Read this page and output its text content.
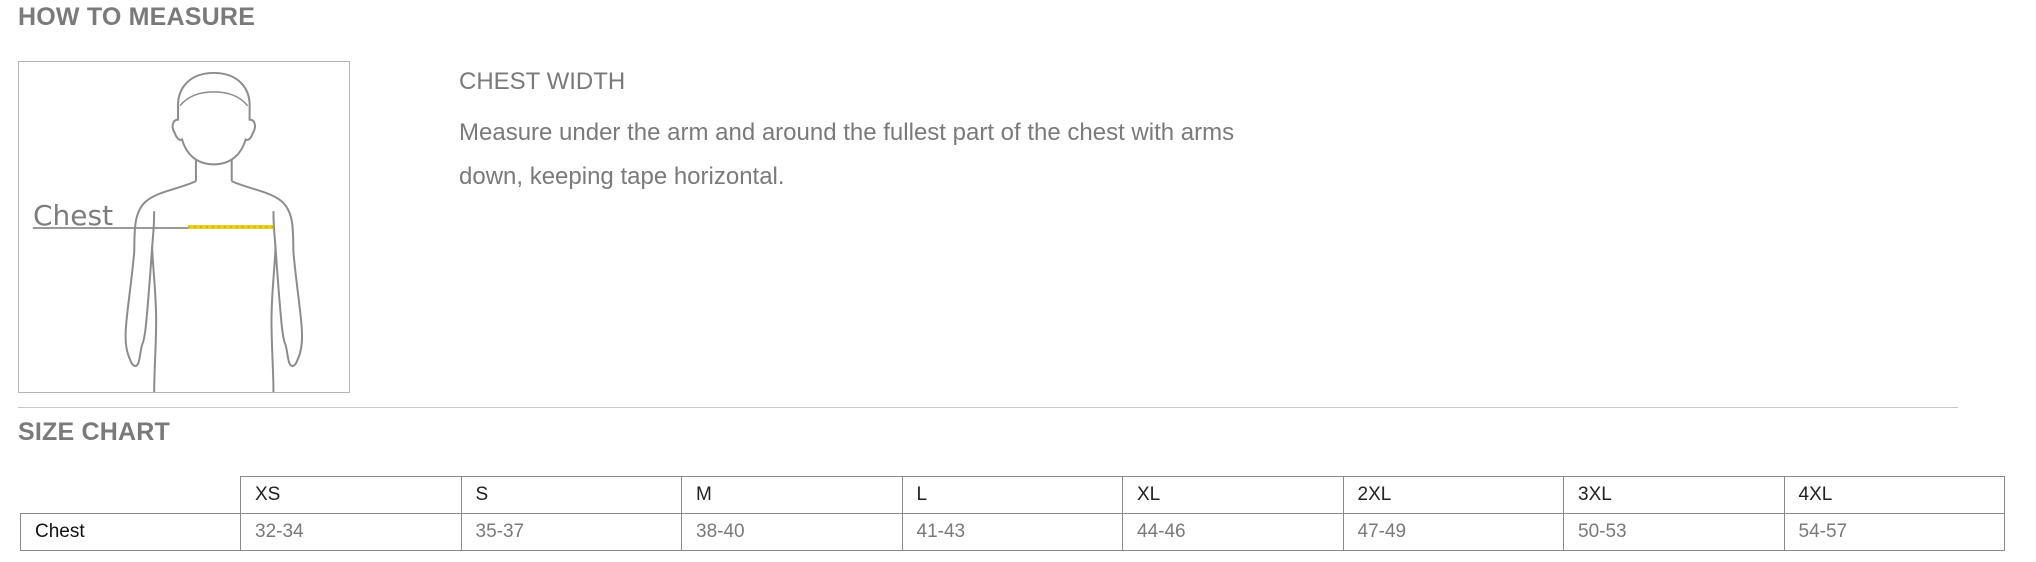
HOW TO MEASURE
Chest

CHEST WIDTH

Measure under the arm and around the fullest part of the chest with arms down, keeping tape horizontal.

SIZE CHART
	XS	S	M	L	XL	2XL	3XL	4XL
Chest	32-34	35-37	38-40	41-43	44-46	47-49	50-53	54-57
